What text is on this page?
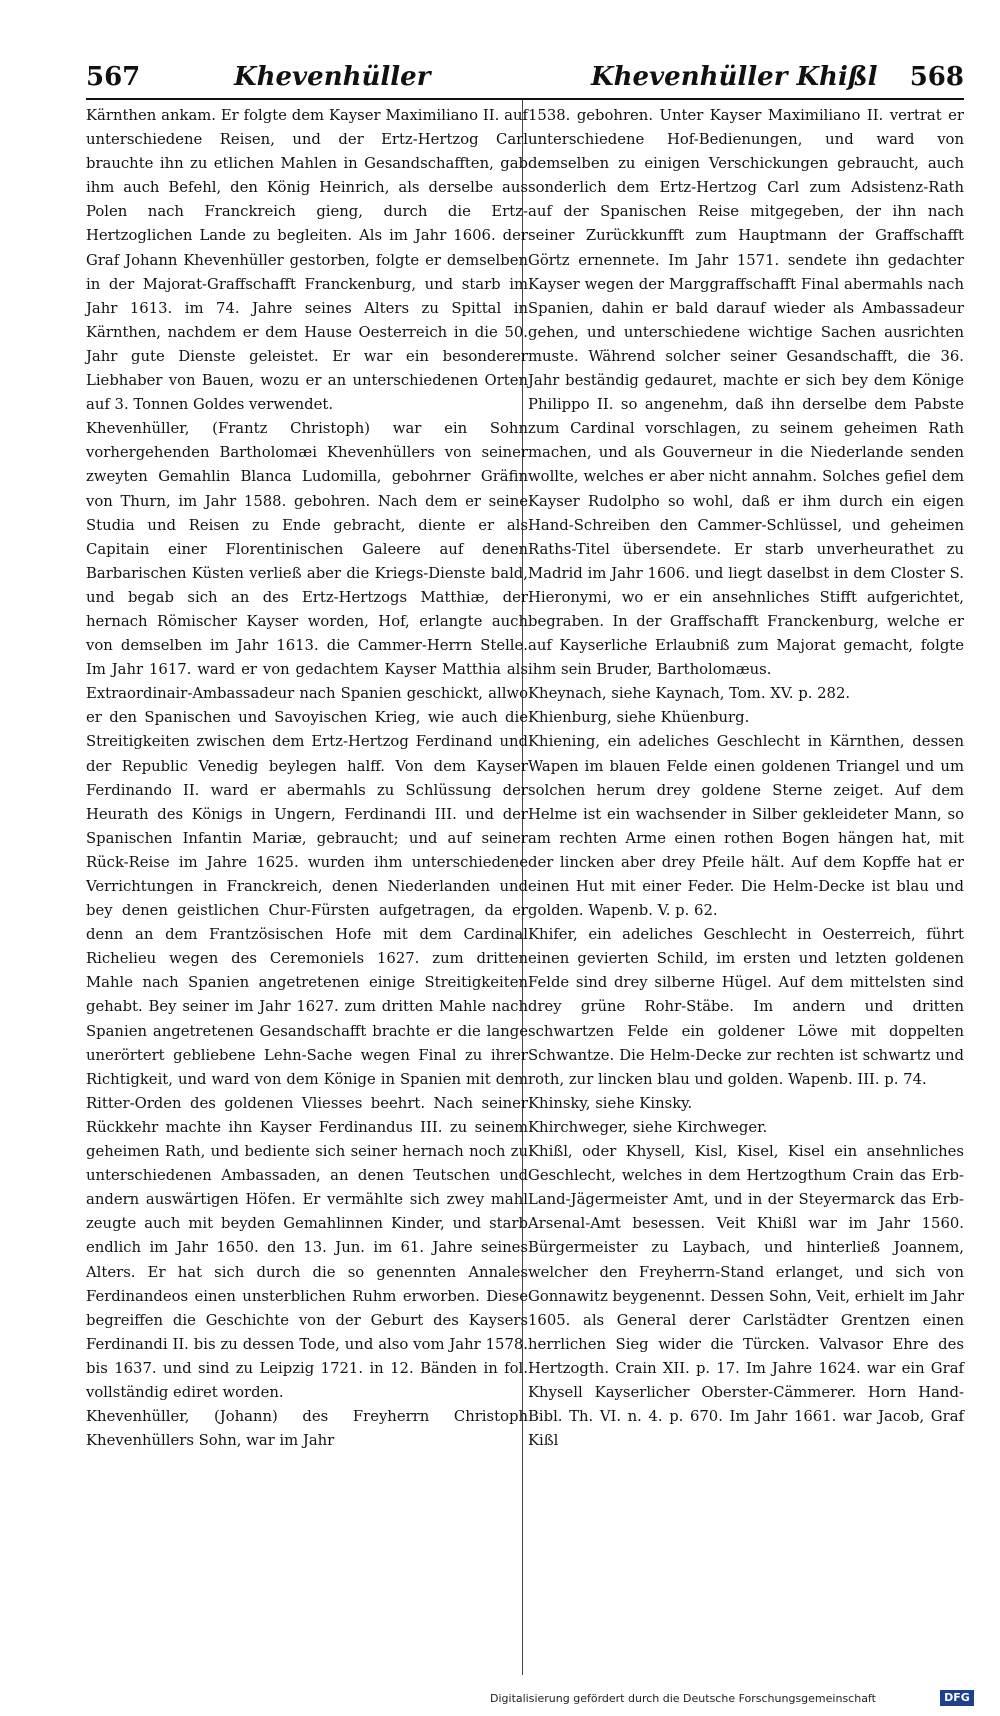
567	Khevenhüller	Khevenhüller Khißl 568

Kärnthen ankam. Er folgte dem Kayser Maximiliano II. auf unterschiedene Reisen, und der Ertz-Hertzog Carl brauchte ihn zu etlichen Mahlen in Gesandschafften, gab ihm auch Befehl, den König Heinrich, als derselbe aus Polen nach Franckreich gieng, durch die Ertz-Hertzoglichen Lande zu begleiten. Als im Jahr 1606. der Graf Johann Khevenhüller gestorben, folgte er demselben in der Majorat-Graffschafft Franckenburg, und starb im Jahr 1613. im 74. Jahre seines Alters zu Spittal in Kärnthen, nachdem er dem Hause Oesterreich in die 50. Jahr gute Dienste geleistet. Er war ein besonderer Liebhaber von Bauen, wozu er an unterschiedenen Orten auf 3. Tonnen Goldes verwendet.

Khevenhüller, (Frantz Christoph) war ein Sohn vorhergehenden Bartholomæi Khevenhüllers von seiner zweyten Gemahlin Blanca Ludomilla, gebohrner Gräfin von Thurn, im Jahr 1588. gebohren. Nach dem er seine Studia und Reisen zu Ende gebracht, diente er als Capitain einer Florentinischen Galeere auf denen Barbarischen Küsten verließ aber die Kriegs-Dienste bald, und begab sich an des Ertz-Hertzogs Matthiæ, der hernach Römischer Kayser worden, Hof, erlangte auch von demselben im Jahr 1613. die Cammer-Herrn Stelle. Im Jahr 1617. ward er von gedachtem Kayser Matthia als Extraordinair-Ambassadeur nach Spanien geschickt, allwo er den Spanischen und Savoyischen Krieg, wie auch die Streitigkeiten zwischen dem Ertz-Hertzog Ferdinand und der Republic Venedig beylegen halff. Von dem Kayser Ferdinando II. ward er abermahls zu Schlüssung der Heurath des Königs in Ungern, Ferdinandi III. und der Spanischen Infantin Mariæ, gebraucht; und auf seiner Rück-Reise im Jahre 1625. wurden ihm unterschiedene Verrichtungen in Franckreich, denen Niederlanden und bey denen geistlichen Chur-Fürsten aufgetragen, da er denn an dem Frantzösischen Hofe mit dem Cardinal Richelieu wegen des Ceremoniels 1627. zum dritten Mahle nach Spanien angetretenen einige Streitigkeiten gehabt. Bey seiner im Jahr 1627. zum dritten Mahle nach Spanien angetretenen Gesandschafft brachte er die lange unerörtert gebliebene Lehn-Sache wegen Final zu ihrer Richtigkeit, und ward von dem Könige in Spanien mit dem Ritter-Orden des goldenen Vliesses beehrt. Nach seiner Rückkehr machte ihn Kayser Ferdinandus III. zu seinem geheimen Rath, und bediente sich seiner hernach noch zu unterschiedenen Ambassaden, an denen Teutschen und andern auswärtigen Höfen. Er vermählte sich zwey mahl zeugte auch mit beyden Gemahlinnen Kinder, und starb endlich im Jahr 1650. den 13. Jun. im 61. Jahre seines Alters. Er hat sich durch die so genennten Annales Ferdinandeos einen unsterblichen Ruhm erworben. Diese begreiffen die Geschichte von der Geburt des Kaysers Ferdinandi II. bis zu dessen Tode, und also vom Jahr 1578. bis 1637. und sind zu Leipzig 1721. in 12. Bänden in fol. vollständig ediret worden.

Khevenhüller, (Johann) des Freyherrn Christoph Khevenhüllers Sohn, war im Jahr

1538. gebohren. Unter Kayser Maximiliano II. vertrat er unterschiedene Hof-Bedienungen, und ward von demselben zu einigen Verschickungen gebraucht, auch sonderlich dem Ertz-Hertzog Carl zum Adsistenz-Rath auf der Spanischen Reise mitgegeben, der ihn nach seiner Zurückkunfft zum Hauptmann der Graffschafft Görtz ernennete. Im Jahr 1571. sendete ihn gedachter Kayser wegen der Marggraffschafft Final abermahls nach Spanien, dahin er bald darauf wieder als Ambassadeur gehen, und unterschiedene wichtige Sachen ausrichten muste. Während solcher seiner Gesandschafft, die 36. Jahr beständig gedauret, machte er sich bey dem Könige Philippo II. so angenehm, daß ihn derselbe dem Pabste zum Cardinal vorschlagen, zu seinem geheimen Rath machen, und als Gouverneur in die Niederlande senden wollte, welches er aber nicht annahm. Solches gefiel dem Kayser Rudolpho so wohl, daß er ihm durch ein eigen Hand-Schreiben den Cammer-Schlüssel, und geheimen Raths-Titel übersendete. Er starb unverheurathet zu Madrid im Jahr 1606. und liegt daselbst in dem Closter S. Hieronymi, wo er ein ansehnliches Stifft aufgerichtet, begraben. In der Graffschafft Franckenburg, welche er auf Kayserliche Erlaubniß zum Majorat gemacht, folgte ihm sein Bruder, Bartholomæus.

Kheynach, siehe Kaynach, Tom. XV. p. 282.

Khienburg, siehe Khüenburg.

Khiening, ein adeliches Geschlecht in Kärnthen, dessen Wapen im blauen Felde einen goldenen Triangel und um solchen herum drey goldene Sterne zeiget. Auf dem Helme ist ein wachsender in Silber gekleideter Mann, so am rechten Arme einen rothen Bogen hängen hat, mit der lincken aber drey Pfeile hält. Auf dem Kopffe hat er einen Hut mit einer Feder. Die Helm-Decke ist blau und golden. Wapenb. V. p. 62.

Khifer, ein adeliches Geschlecht in Oesterreich, führt einen gevierten Schild, im ersten und letzten goldenen Felde sind drey silberne Hügel. Auf dem mittelsten sind drey grüne Rohr-Stäbe. Im andern und dritten schwartzen Felde ein goldener Löwe mit doppelten Schwantze. Die Helm-Decke zur rechten ist schwartz und roth, zur lincken blau und golden. Wapenb. III. p. 74.

Khinsky, siehe Kinsky.

Khirchweger, siehe Kirchweger.

Khißl, oder Khysell, Kisl, Kisel, Kisel ein ansehnliches Geschlecht, welches in dem Hertzogthum Crain das Erb-Land-Jägermeister Amt, und in der Steyermarck das Erb-Arsenal-Amt besessen. Veit Khißl war im Jahr 1560. Bürgermeister zu Laybach, und hinterließ Joannem, welcher den Freyherrn-Stand erlanget, und sich von Gonnawitz beygenennt. Dessen Sohn, Veit, erhielt im Jahr 1605. als General derer Carlstädter Grentzen einen herrlichen Sieg wider die Türcken. Valvasor Ehre des Hertzogth. Crain XII. p. 17. Im Jahre 1624. war ein Graf Khysell Kayserlicher Oberster-Cämmerer. Horn Hand-Bibl. Th. VI. n. 4. p. 670. Im Jahr 1661. war Jacob, Graf Kißl

Digitalisierung gefördert durch die Deutsche Forschungsgemeinschaft	DFG
